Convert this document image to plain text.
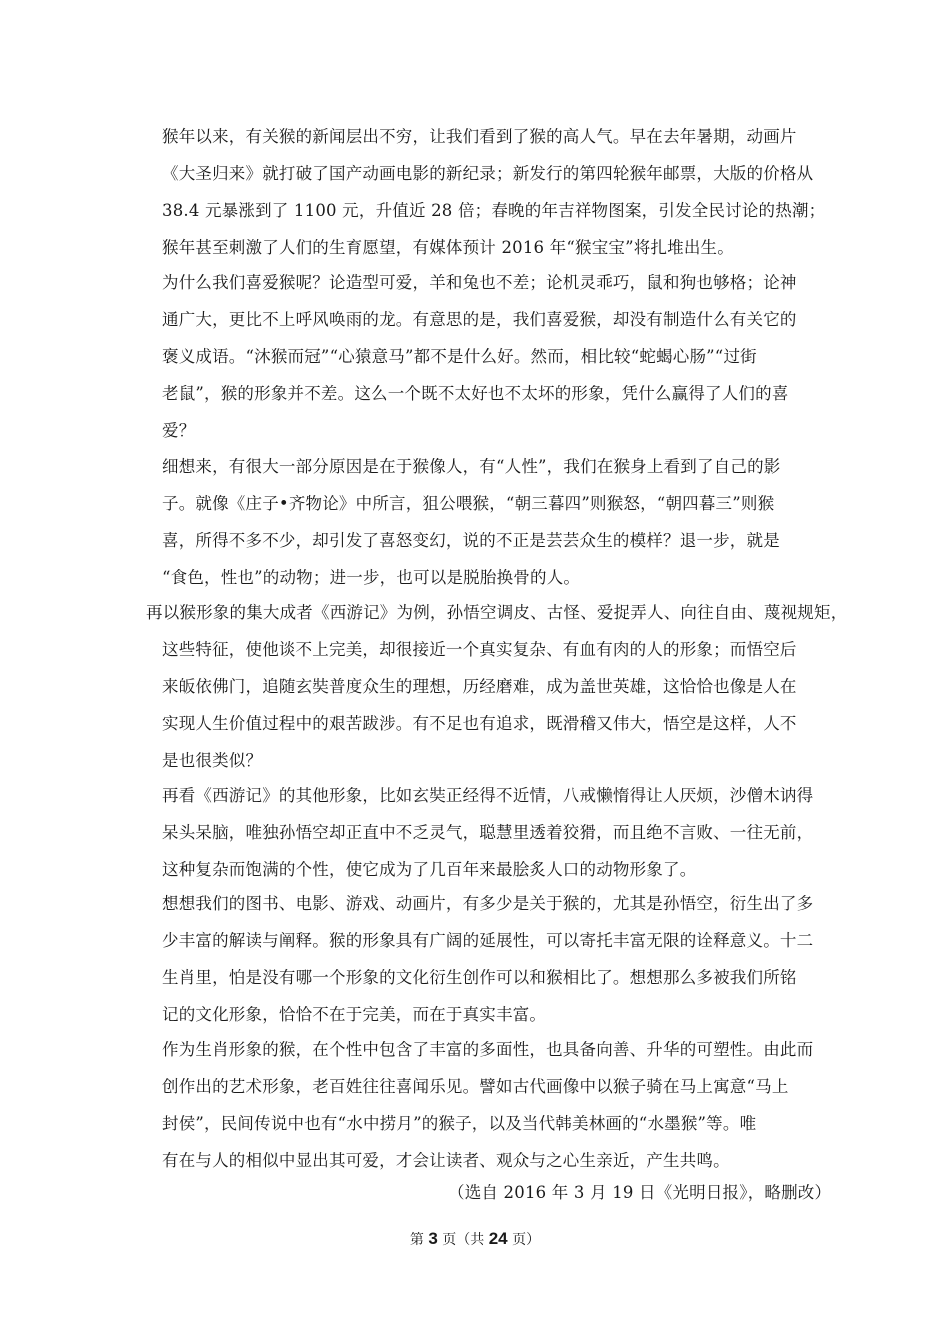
猴年以来，有关猴的新闻层出不穷，让我们看到了猴的高人气。早在去年暑期，动画片
《大圣归来》就打破了国产动画电影的新纪录；新发行的第四轮猴年邮票，大版的价格从
38.4 元暴涨到了 1100 元，升值近 28 倍；春晚的年吉祥物图案，引发全民讨论的热潮；
猴年甚至刺激了人们的生育愿望，有媒体预计 2016 年“猴宝宝”将扎堆出生。
为什么我们喜爱猴呢？论造型可爱，羊和兔也不差；论机灵乖巧，鼠和狗也够格；论神
通广大，更比不上呼风唤雨的龙。有意思的是，我们喜爱猴，却没有制造什么有关它的
褒义成语。“沐猴而冠”“心猿意马”都不是什么好。然而，相比较“蛇蝎心肠”“过街
老鼠”，猴的形象并不差。这么一个既不太好也不太坏的形象，凭什么赢得了人们的喜
爱？
细想来，有很大一部分原因是在于猴像人，有“人性”，我们在猴身上看到了自己的影
子。就像《庄子•齐物论》中所言，狙公喂猴，“朝三暮四”则猴怒，“朝四暮三”则猴
喜，所得不多不少，却引发了喜怒变幻，说的不正是芸芸众生的模样？退一步，就是
“食色，性也”的动物；进一步，也可以是脱胎换骨的人。
再以猴形象的集大成者《西游记》为例，孙悟空调皮、古怪、爱捉弄人、向往自由、蔑视规矩，
这些特征，使他谈不上完美，却很接近一个真实复杂、有血有肉的人的形象；而悟空后
来皈依佛门，追随玄奘普度众生的理想，历经磨难，成为盖世英雄，这恰恰也像是人在
实现人生价值过程中的艰苦跋涉。有不足也有追求，既滑稽又伟大，悟空是这样，人不
是也很类似？
再看《西游记》的其他形象，比如玄奘正经得不近情，八戒懒惰得让人厌烦，沙僧木讷得
呆头呆脑，唯独孙悟空却正直中不乏灵气，聪慧里透着狡猾，而且绝不言败、一往无前，
这种复杂而饱满的个性，使它成为了几百年来最脍炙人口的动物形象了。
想想我们的图书、电影、游戏、动画片，有多少是关于猴的，尤其是孙悟空，衍生出了多
少丰富的解读与阐释。猴的形象具有广阔的延展性，可以寄托丰富无限的诠释意义。十二
生肖里，怕是没有哪一个形象的文化衍生创作可以和猴相比了。想想那么多被我们所铭
记的文化形象，恰恰不在于完美，而在于真实丰富。
作为生肖形象的猴，在个性中包含了丰富的多面性，也具备向善、升华的可塑性。由此而
创作出的艺术形象，老百姓往往喜闻乐见。譬如古代画像中以猴子骑在马上寓意“马上
封侯”，民间传说中也有“水中捞月”的猴子，以及当代韩美林画的“水墨猴”等。唯
有在与人的相似中显出其可爱，才会让读者、观众与之心生亲近，产生共鸣。
（选自 2016 年 3 月 19 日《光明日报》，略删改）
第 3 页（共 24 页）
